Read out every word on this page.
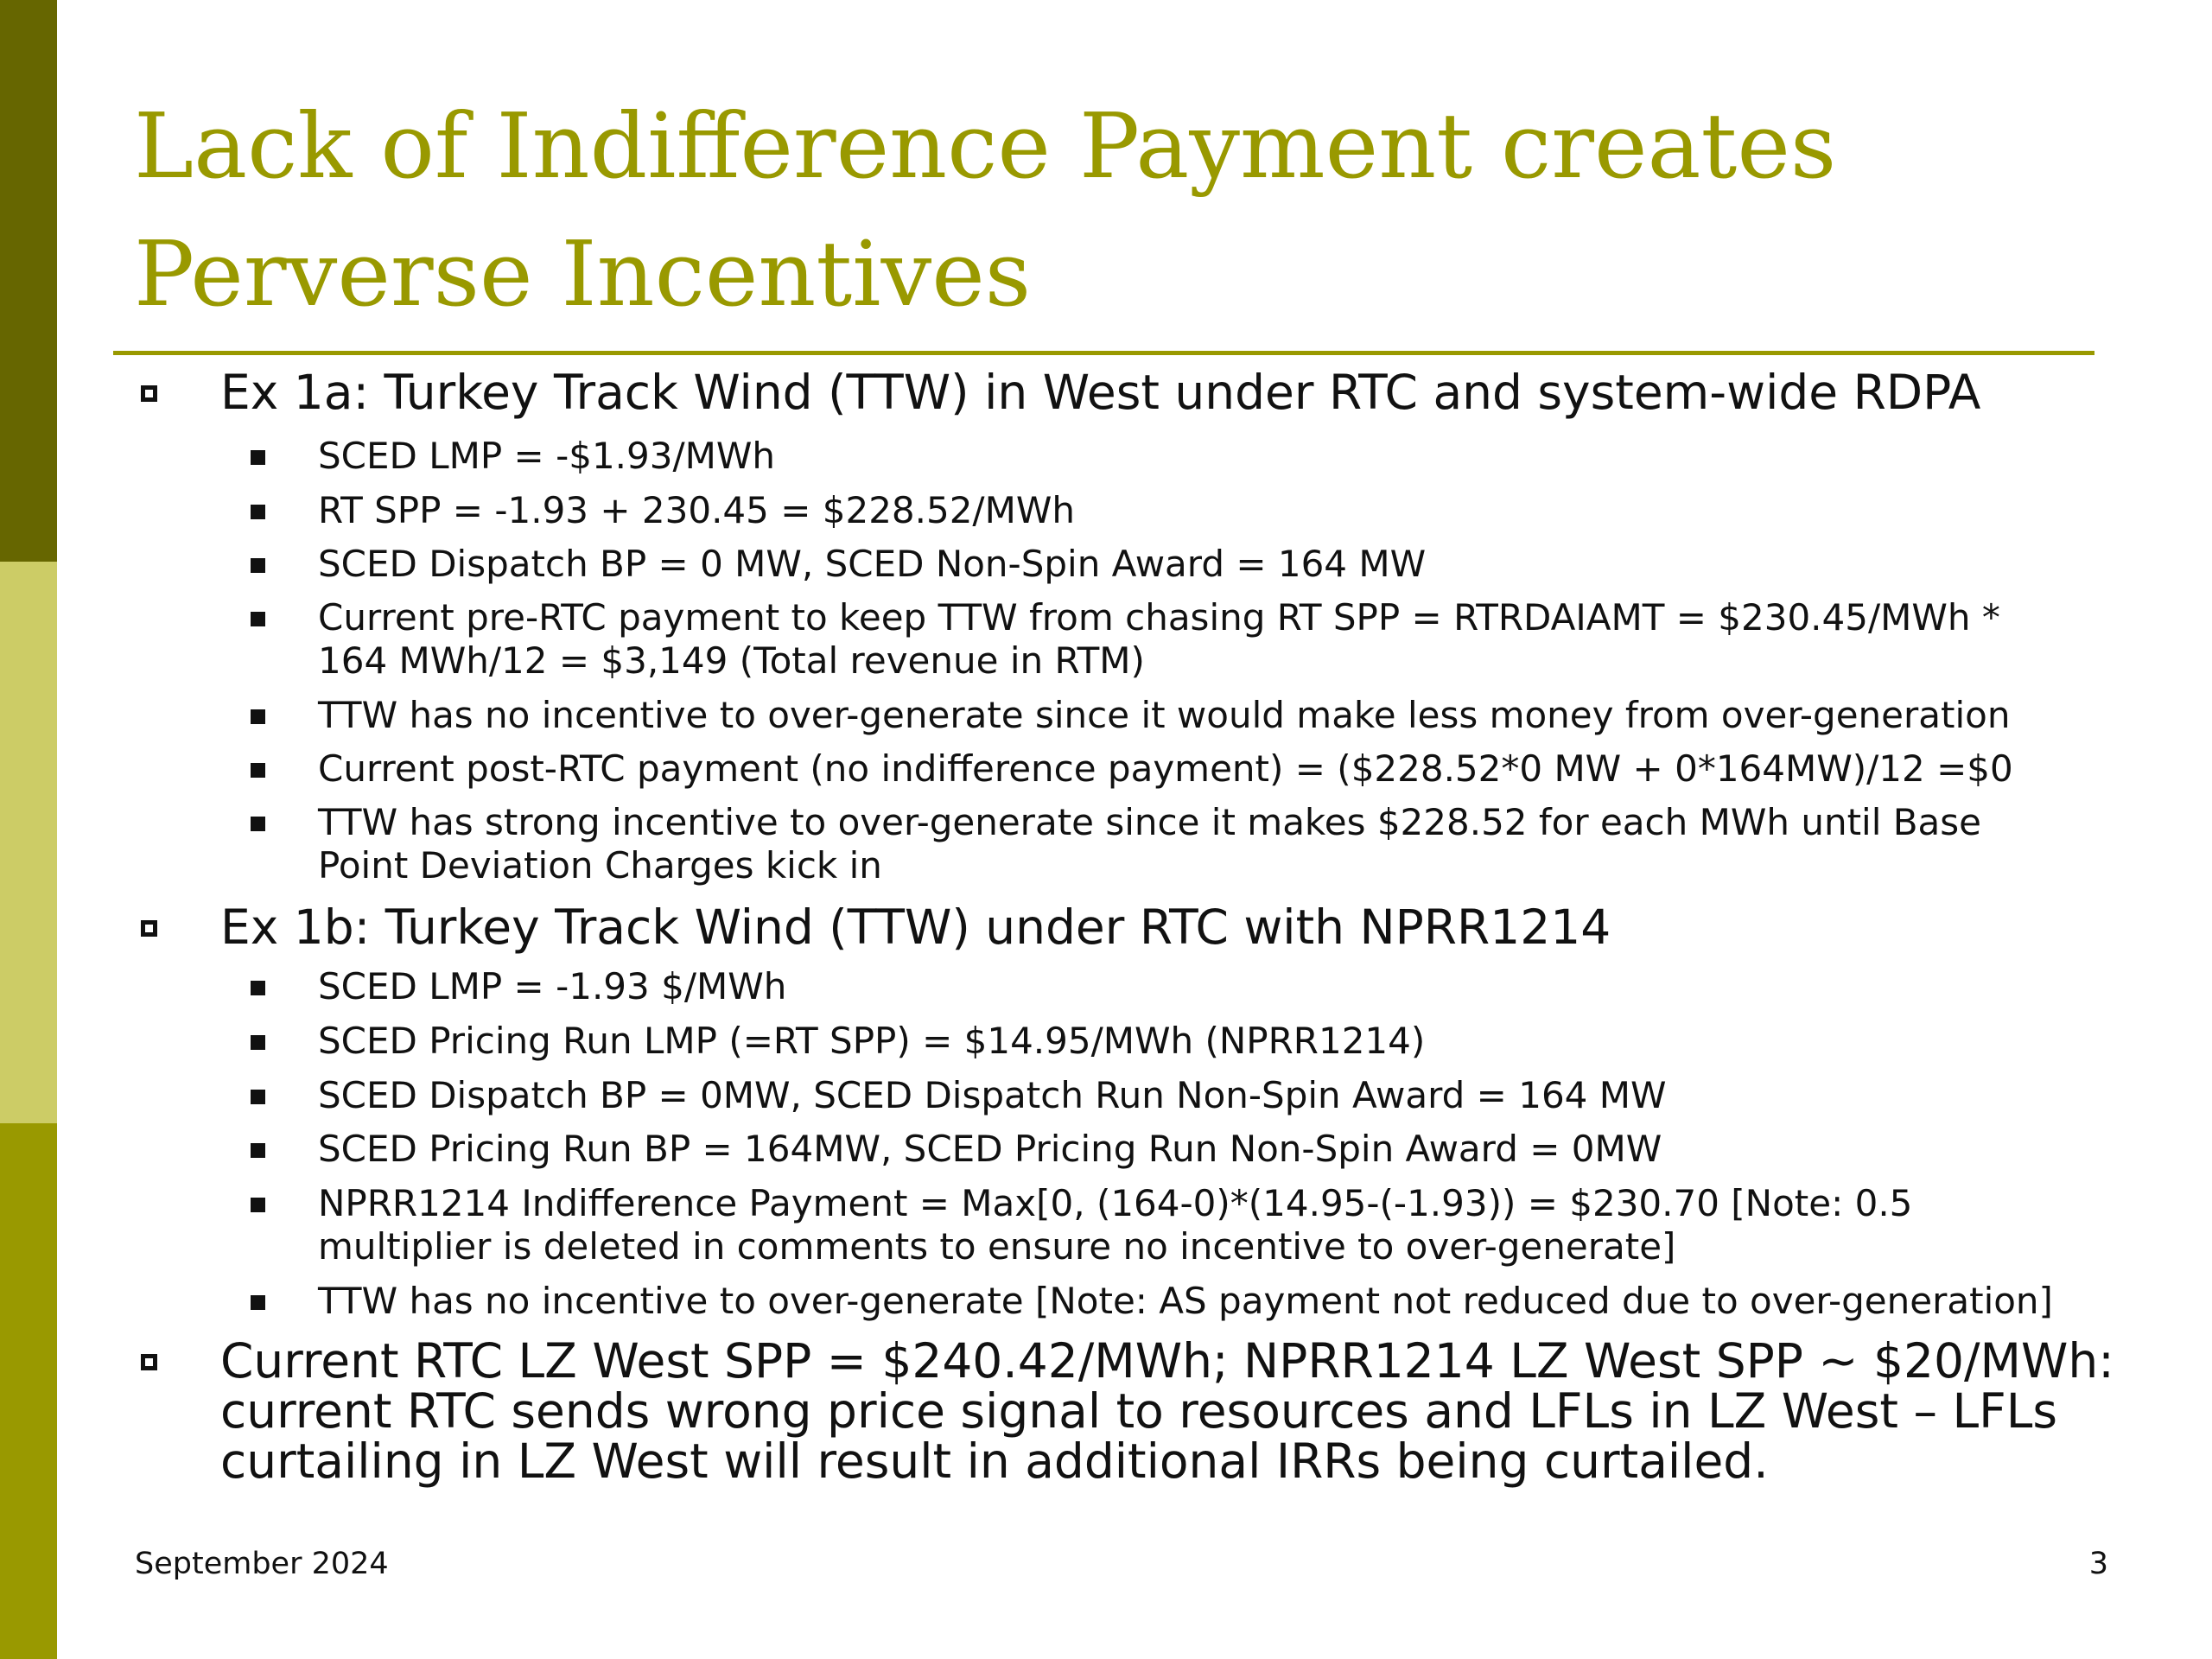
Lack of Indifference Payment creates
Perverse Incentives
Ex 1a: Turkey Track Wind (TTW) in West under RTC and system-wide RDPA
SCED LMP = -$1.93/MWh
RT SPP = -1.93 + 230.45 = $228.52/MWh
SCED Dispatch BP = 0 MW, SCED Non-Spin Award = 164 MW
Current pre-RTC payment to keep TTW from chasing RT SPP = RTRDAIAMT = $230.45/MWh *
164 MWh/12 = $3,149 (Total revenue in RTM)
TTW has no incentive to over-generate since it would make less money from over-generation
Current post-RTC payment (no indifference payment) = ($228.52*0 MW + 0*164MW)/12 =$0
TTW has strong incentive to over-generate since it makes $228.52 for each MWh until Base
Point Deviation Charges kick in
Ex 1b: Turkey Track Wind (TTW) under RTC with NPRR1214
SCED LMP = -1.93 $/MWh
SCED Pricing Run LMP (=RT SPP) = $14.95/MWh (NPRR1214)
SCED Dispatch BP = 0MW, SCED Dispatch Run Non-Spin Award = 164 MW
SCED Pricing Run BP = 164MW, SCED Pricing Run Non-Spin Award = 0MW
NPRR1214 Indifference Payment = Max[0, (164-0)*(14.95-(-1.93)) = $230.70 [Note: 0.5
multiplier is deleted in comments to ensure no incentive to over-generate]
TTW has no incentive to over-generate [Note: AS payment not reduced due to over-generation]
Current RTC LZ West SPP = $240.42/MWh; NPRR1214 LZ West SPP ~ $20/MWh:
current RTC sends wrong price signal to resources and LFLs in LZ West – LFLs
curtailing in LZ West will result in additional IRRs being curtailed.
September 2024	3
